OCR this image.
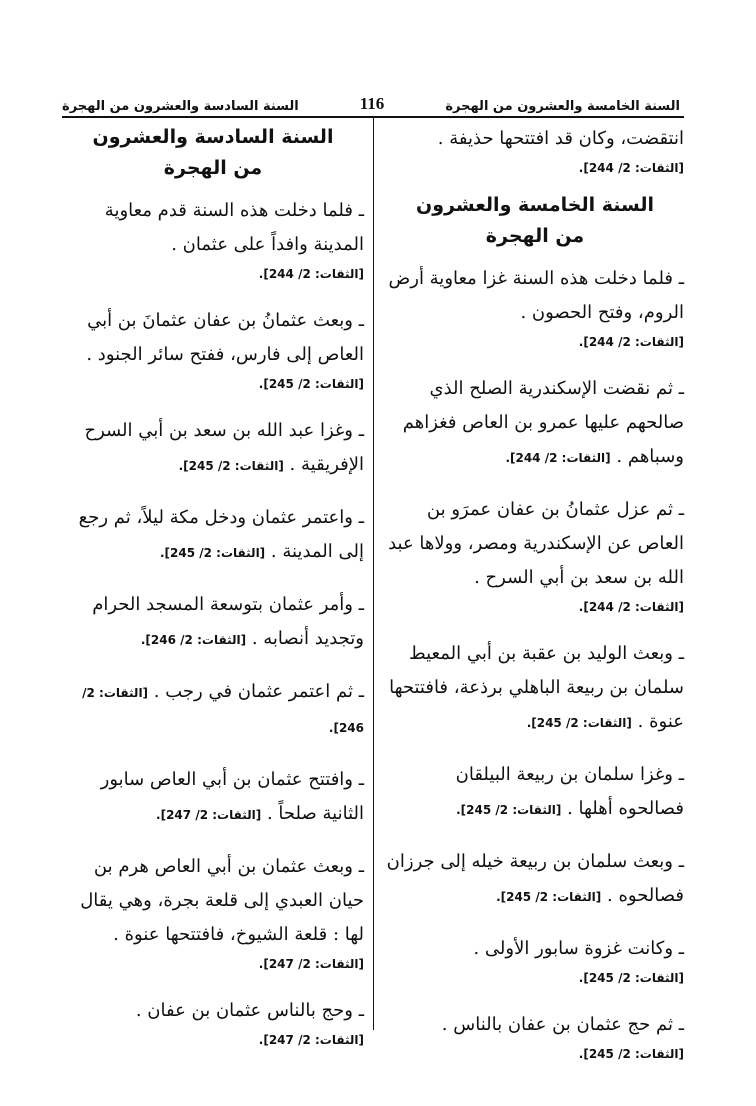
السنة الخامسة والعشرون من الهجرة
116
السنة السادسة والعشرون من الهجرة

انتقضت، وكان قد افتتحها حذيفة .

[الثقات: 2/ 244].

السنة الخامسة والعشرون
من الهجرة

ـ فلما دخلت هذه السنة غزا معاوية أرض الروم، وفتح الحصون .

[الثقات: 2/ 244].

ـ ثم نقضت الإسكندرية الصلح الذي صالحهم عليها عمرو بن العاص فغزاهم وسباهم . [الثقات: 2/ 244].

ـ ثم عزل عثمانُ بن عفان عمرَو بن العاص عن الإسكندرية ومصر، وولاها عبد الله بن سعد بن أبي السرح .

[الثقات: 2/ 244].

ـ وبعث الوليد بن عقبة بن أبي المعيط سلمان بن ربيعة الباهلي برذعة، فافتتحها عنوة . [الثقات: 2/ 245].

ـ وغزا سلمان بن ربيعة البيلقان فصالحوه أهلها . [الثقات: 2/ 245].

ـ وبعث سلمان بن ربيعة خيله إلى جرزان فصالحوه . [الثقات: 2/ 245].

ـ وكانت غزوة سابور الأولى .

[الثقات: 2/ 245].

ـ ثم حج عثمان بن عفان بالناس .

[الثقات: 2/ 245].

السنة السادسة والعشرون
من الهجرة

ـ فلما دخلت هذه السنة قدم معاوية المدينة وافداً على عثمان .

[الثقات: 2/ 244].

ـ وبعث عثمانُ بن عفان عثمانَ بن أبي العاص إلى فارس، ففتح سائر الجنود .

[الثقات: 2/ 245].

ـ وغزا عبد الله بن سعد بن أبي السرح الإفريقية . [الثقات: 2/ 245].

ـ واعتمر عثمان ودخل مكة ليلاً، ثم رجع إلى المدينة . [الثقات: 2/ 245].

ـ وأمر عثمان بتوسعة المسجد الحرام وتجديد أنصابه . [الثقات: 2/ 246].

ـ ثم اعتمر عثمان في رجب . [الثقات: 2/ 246].

ـ وافتتح عثمان بن أبي العاص سابور الثانية صلحاً . [الثقات: 2/ 247].

ـ وبعث عثمان بن أبي العاص هرم بن حيان العبدي إلى قلعة بجرة، وهي يقال لها : قلعة الشيوخ، فافتتحها عنوة .

[الثقات: 2/ 247].

ـ وحج بالناس عثمان بن عفان .

[الثقات: 2/ 247].
